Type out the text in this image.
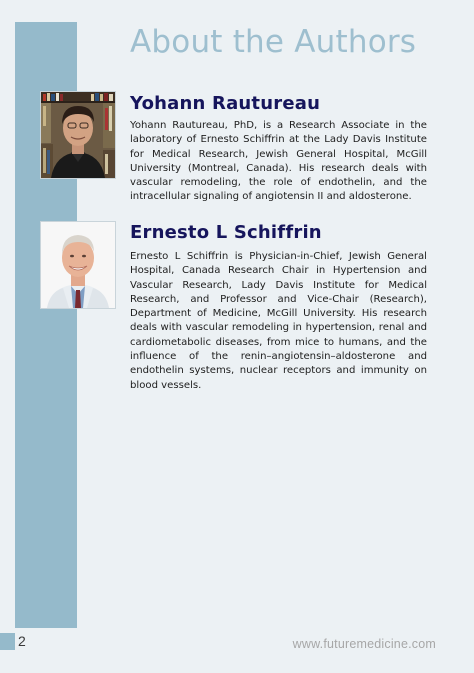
About the Authors
Yohann Rautureau

Yohann Rautureau, PhD, is a Research Associate in the laboratory of Ernesto Schiffrin at the Lady Davis Institute for Medical Research, Jewish General Hospital, McGill University (Montreal, Canada). His research deals with vascular remodeling, the role of endothelin, and the intracellular signaling of angiotensin II and aldosterone.

Ernesto L Schiffrin

Ernesto L Schiffrin is Physician-in-Chief, Jewish General Hospital, Canada Research Chair in Hypertension and Vascular Research, Lady Davis Institute for Medical Research, and Professor and Vice-Chair (Research), Department of Medicine, McGill University. His research deals with vascular remodeling in hypertension, renal and cardiometabolic diseases, from mice to humans, and the influence of the renin–angiotensin–aldosterone and endothelin systems, nuclear receptors and immunity on blood vessels.

2	www.futuremedicine.com
